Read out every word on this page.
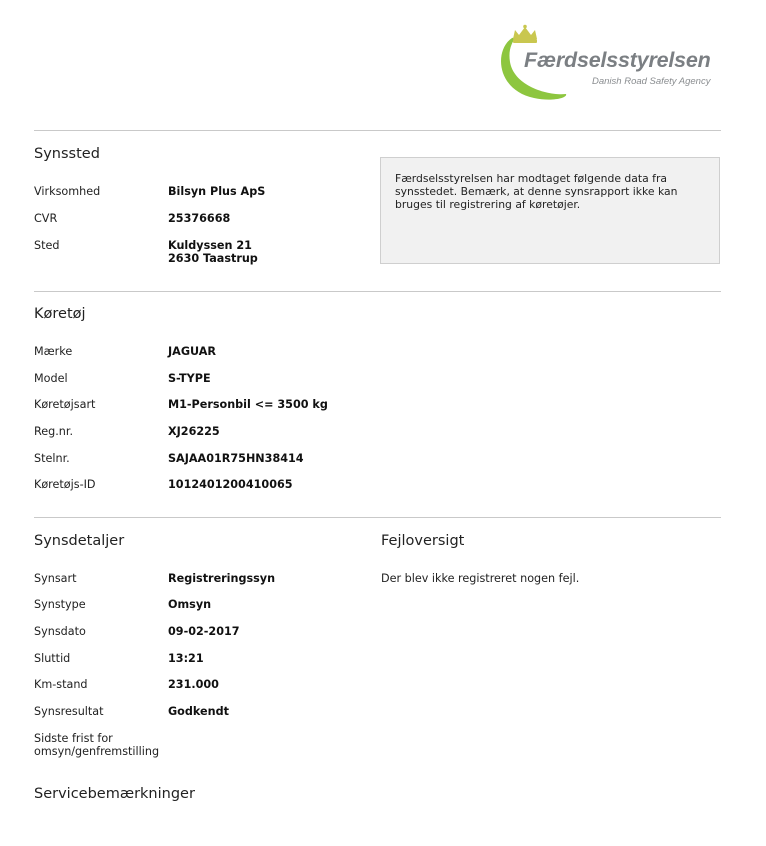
Færdselsstyrelsen
Danish Road Safety Agency
Synssted
Virksomhed	Bilsyn Plus ApS
CVR	25376668
Sted	Kuldyssen 21
2630 Taastrup
Færdselsstyrelsen har modtaget følgende data fra synsstedet. Bemærk, at denne synsrapport ikke kan bruges til registrering af køretøjer.
Køretøj
Mærke	JAGUAR
Model	S-TYPE
Køretøjsart	M1-Personbil <= 3500 kg
Reg.nr.	XJ26225
Stelnr.	SAJAA01R75HN38414
Køretøjs-ID	1012401200410065
Synsdetaljer
Synsart	Registreringssyn
Synstype	Omsyn
Synsdato	09-02-2017
Sluttid	13:21
Km-stand	231.000
Synsresultat	Godkendt
Sidste frist for
omsyn/genfremstilling
Fejloversigt
Der blev ikke registreret nogen fejl.
Servicebemærkninger
